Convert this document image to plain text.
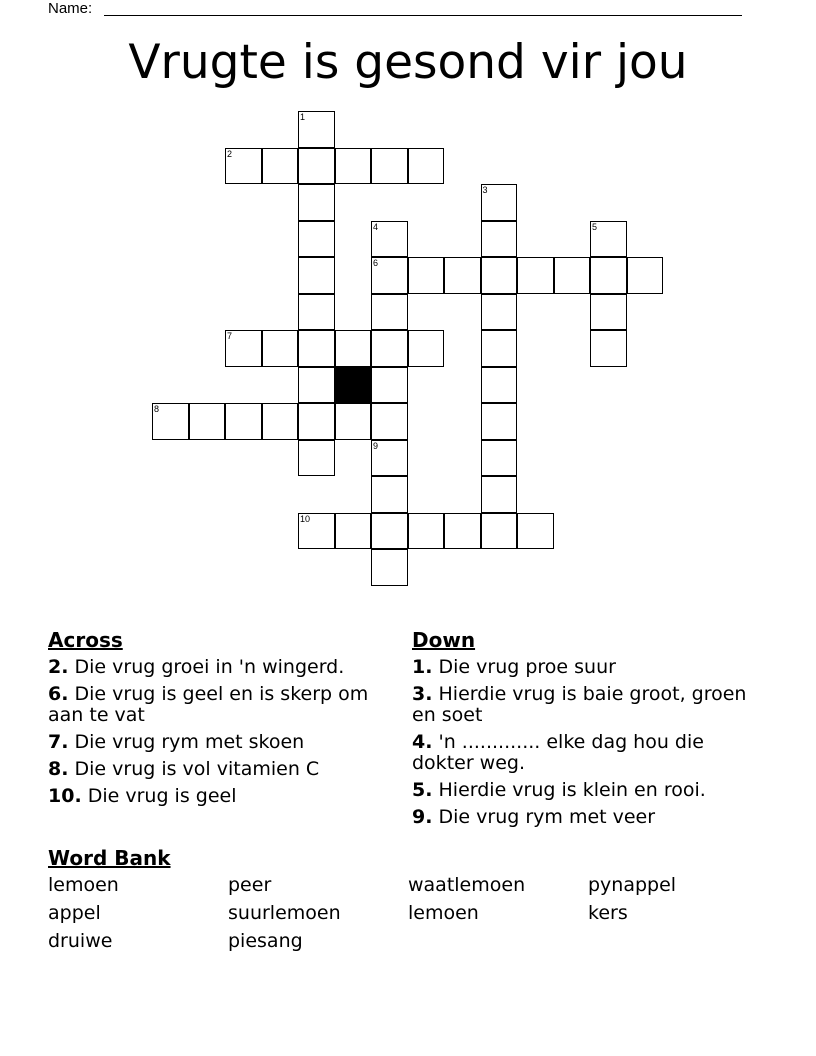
Name:
Vrugte is gesond vir jou
2
6
7
8
10
1
3
4	5
9
Across
2. Die vrug groei in 'n wingerd.
6. Die vrug is geel en is skerp om aan te vat
7. Die vrug rym met skoen
8. Die vrug is vol vitamien C
10. Die vrug is geel
Down
1. Die vrug proe suur
3. Hierdie vrug is baie groot, groen en soet
4. 'n ............. elke dag hou die dokter weg.
5. Hierdie vrug is klein en rooi.
9. Die vrug rym met veer
Word Bank
lemoen	peer	waatlemoen	pynappel
appel	suurlemoen	lemoen	kers
druiwe	piesang
